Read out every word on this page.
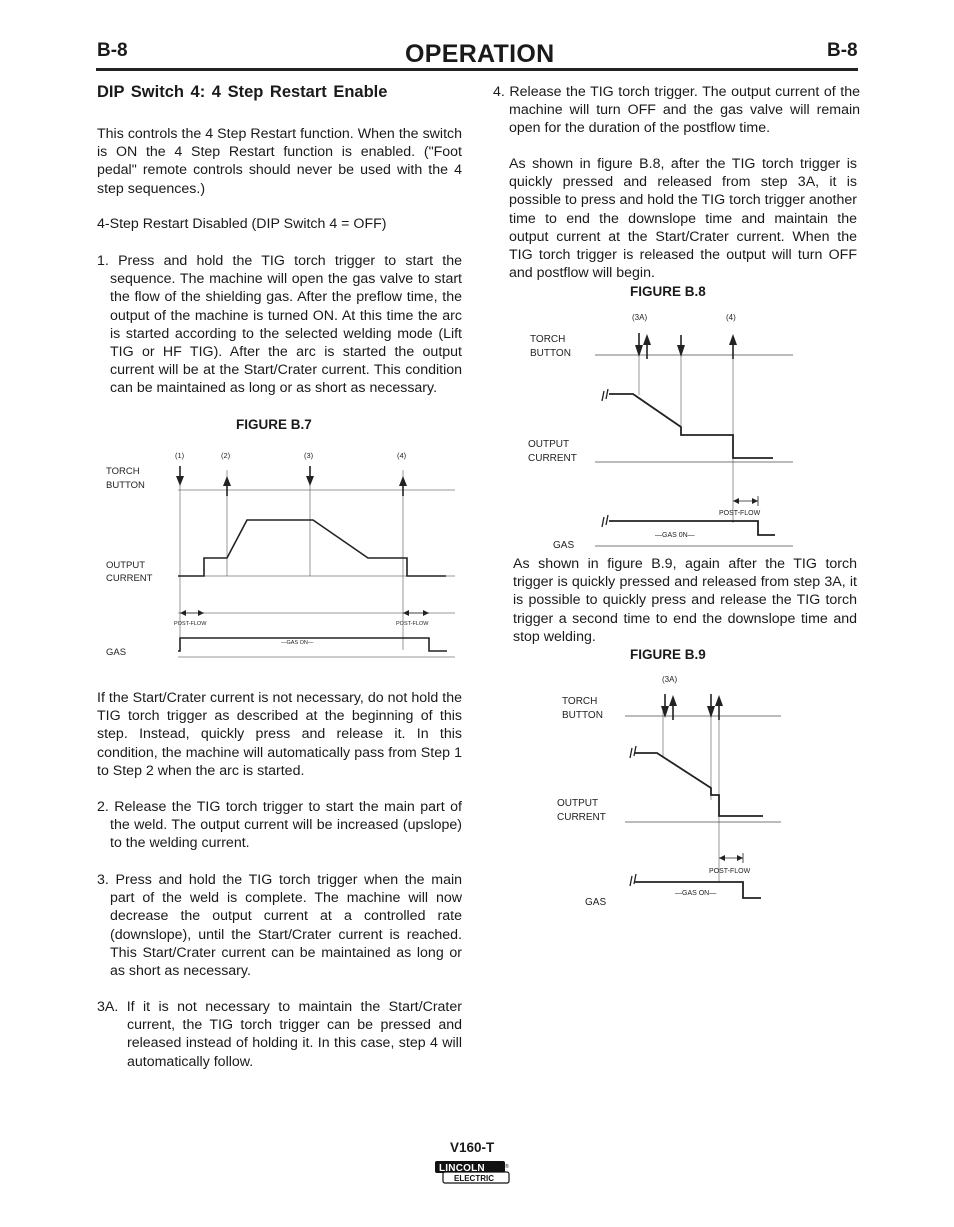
B-8	OPERATION	B-8
DIP Switch 4: 4 Step Restart Enable
This controls the 4 Step Restart function. When the switch is ON the 4 Step Restart function is enabled. ("Foot pedal" remote controls should never be used with the 4 step sequences.)
4-Step Restart Disabled (DIP Switch 4 = OFF)
1. Press and hold the TIG torch trigger to start the sequence. The machine will open the gas valve to start the flow of the shielding gas. After the preflow time, the output of the machine is turned ON. At this time the arc is started according to the selected welding mode (Lift TIG or HF TIG). After the arc is started the output current will be at the Start/Crater current. This condition can be maintained as long or as short as necessary.
FIGURE B.7
(1)	(2)	(3)	(4)
TORCH
BUTTON
OUTPUT
CURRENT
GAS
POST-FLOW	POST-FLOW
—GAS ON—
If the Start/Crater current is not necessary, do not hold the TIG torch trigger as described at the beginning of this step. Instead, quickly press and release it. In this condition, the machine will automatically pass from Step 1 to Step 2 when the arc is started.
2. Release the TIG torch trigger to start the main part of the weld. The output current will be increased (upslope) to the welding current.
3. Press and hold the TIG torch trigger when the main part of the weld is complete. The machine will now decrease the output current at a controlled rate (downslope), until the Start/Crater current is reached. This Start/Crater current can be maintained as long or as short as necessary.
3A. If it is not necessary to maintain the Start/Crater current, the TIG torch trigger can be pressed and released instead of holding it. In this case, step 4 will automatically follow.
4. Release the TIG torch trigger. The output current of the machine will turn OFF and the gas valve will remain open for the duration of the postflow time.
As shown in figure B.8, after the TIG torch trigger is quickly pressed and released from step 3A, it is possible to press and hold the TIG torch trigger another time to end the downslope time and maintain the output current at the Start/Crater current. When the TIG torch trigger is released the output will turn OFF and postflow will begin.
FIGURE B.8
(3A)	(4)
TORCH
BUTTON
OUTPUT
CURRENT
GAS
POST-FLOW
—GAS 0N—
As shown in figure B.9, again after the TIG torch trigger is quickly pressed and released from step 3A, it is possible to quickly press and release the TIG torch trigger a second time to end the downslope time and stop welding.
FIGURE B.9
(3A)
TORCH
BUTTON
OUTPUT
CURRENT
GAS
POST-FLOW
—GAS ON—
V160-T
LINCOLN	®
ELECTRIC
